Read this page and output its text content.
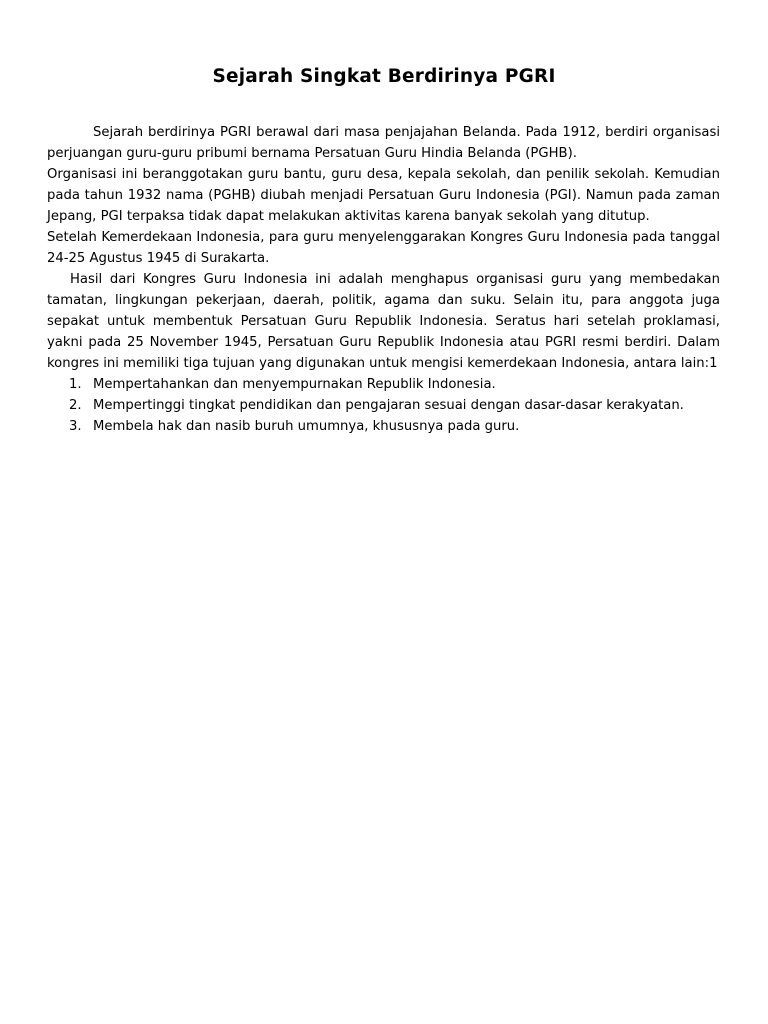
Sejarah Singkat Berdirinya PGRI

Sejarah berdirinya PGRI berawal dari masa penjajahan Belanda. Pada 1912, berdiri organisasi perjuangan guru-guru pribumi bernama Persatuan Guru Hindia Belanda (PGHB).

Organisasi ini beranggotakan guru bantu, guru desa, kepala sekolah, dan penilik sekolah. Kemudian pada tahun 1932 nama (PGHB) diubah menjadi Persatuan Guru Indonesia (PGI). Namun pada zaman Jepang, PGI terpaksa tidak dapat melakukan aktivitas karena banyak sekolah yang ditutup.

Setelah Kemerdekaan Indonesia, para guru menyelenggarakan Kongres Guru Indonesia pada tanggal 24-25 Agustus 1945 di Surakarta.

Hasil dari Kongres Guru Indonesia ini adalah menghapus organisasi guru yang membedakan tamatan, lingkungan pekerjaan, daerah, politik, agama dan suku. Selain itu, para anggota juga sepakat untuk membentuk Persatuan Guru Republik Indonesia. Seratus hari setelah proklamasi, yakni pada 25 November 1945, Persatuan Guru Republik Indonesia atau PGRI resmi berdiri. Dalam kongres ini memiliki tiga tujuan yang digunakan untuk mengisi kemerdekaan Indonesia, antara lain:1

1. Mempertahankan dan menyempurnakan Republik Indonesia.
2. Mempertinggi tingkat pendidikan dan pengajaran sesuai dengan dasar-dasar kerakyatan.
3. Membela hak dan nasib buruh umumnya, khususnya pada guru.
